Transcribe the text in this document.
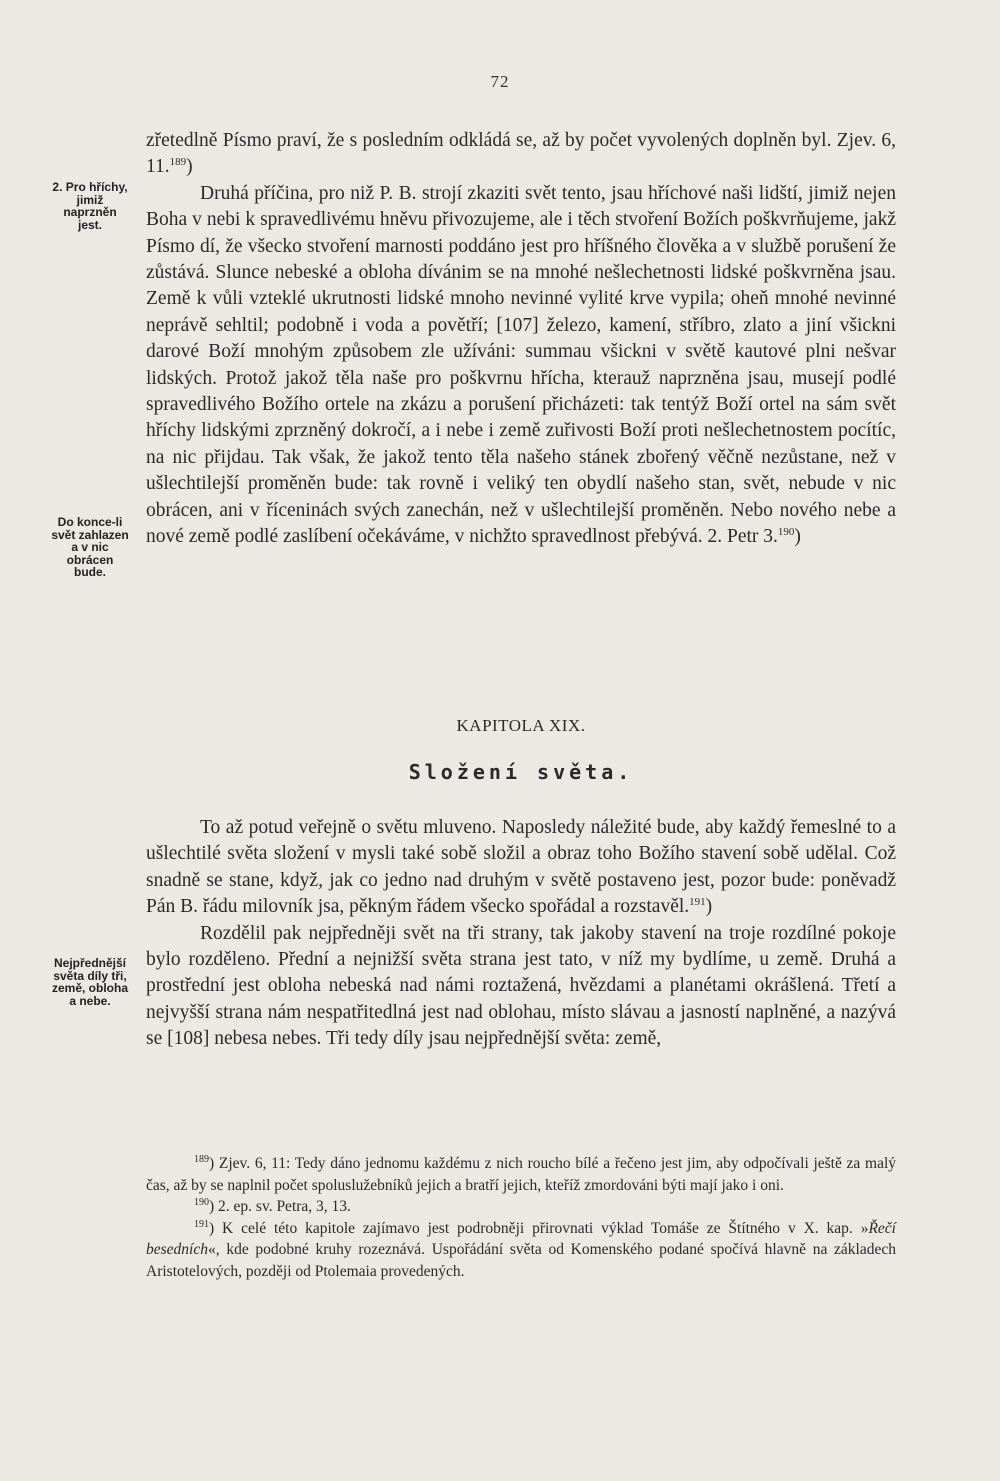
72
2. Pro hříchy, jimiž naprzněn jest.
Do konce-li svět zahlazen a v nic obrácen bude.
Nejpřednější světa díly tři, země, obloha a nebe.

zřetedlně Písmo praví, že s posledním odkládá se, až by počet vyvolených doplněn byl. Zjev. 6, 11.$^{189}$)

Druhá příčina, pro niž P. B. strojí zkaziti svět tento, jsau hříchové naši lidští, jimiž nejen Boha v nebi k spravedlivému hněvu přivozujeme, ale i těch stvoření Božích poškvrňujeme, jakž Písmo dí, že všecko stvoření marnosti poddáno jest pro hříšného člověka a v službě porušení že zůstává. Slunce nebeské a obloha dívánim se na mnohé nešlechetnosti lidské poškvrněna jsau. Země k vůli vzteklé ukrutnosti lidské mnoho nevinné vylité krve vypila; oheň mnohé nevinné neprávě sehltil; podobně i voda a povětří; [107] železo, kamení, stříbro, zlato a jiní všickni darové Boží mnohým způsobem zle užíváni: summau všickni v světě kautové plni nešvar lidských. Protož jakož těla naše pro poškvrnu hřícha, kterauž naprzněna jsau, musejí podlé spravedlivého Božího ortele na zkázu a porušení přicházeti: tak tentýž Boží ortel na sám svět hříchy lidskými zprzněný dokročí, a i nebe i země zuřivosti Boží proti nešlechetnostem pocítíc, na nic přijdau. Tak však, že jakož tento těla našeho stánek zbořený věčně nezůstane, než v ušlechtilejší proměněn bude: tak rovně i veliký ten obydlí našeho stan, svět, nebude v nic obrácen, ani v říceninách svých zanechán, než v ušlechtilejší proměněn. Nebo nového nebe a nové země podlé zaslíbení očekáváme, v nichžto spravedlnost přebývá. 2. Petr 3.$^{190}$)

KAPITOLA XIX.
Složení světa.

To až potud veřejně o světu mluveno. Naposledy náležité bude, aby každý řemeslné to a ušlechtilé světa složení v mysli také sobě složil a obraz toho Božího stavení sobě udělal. Což snadně se stane, když, jak co jedno nad druhým v světě postaveno jest, pozor bude: poněvadž Pán B. řádu milovník jsa, pěkným řádem všecko spořádal a rozstavěl.$^{191}$)

Rozdělil pak nejpředněji svět na tři strany, tak jakoby stavení na troje rozdílné pokoje bylo rozděleno. Přední a nejnižší světa strana jest tato, v níž my bydlíme, u země. Druhá a prostřední jest obloha nebeská nad námi roztažená, hvězdami a planétami okrášlená. Třetí a nejvyšší strana nám nespatřitedlná jest nad oblohau, místo slávau a jasností naplněné, a nazývá se [108] nebesa nebes. Tři tedy díly jsau nejpřednější světa: země,

$^{189}$) Zjev. 6, 11: Tedy dáno jednomu každému z nich roucho bílé a řečeno jest jim, aby odpočívali ještě za malý čas, až by se naplnil počet spoluslužebníků jejich a bratří jejich, kteříž zmordováni býti mají jako i oni.

$^{190}$) 2. ep. sv. Petra, 3, 13.

$^{191}$) K celé této kapitole zajímavo jest podrobněji přirovnati výklad Tomáše ze Štítného v X. kap. »Řečí besedních«, kde podobné kruhy rozeznává. Uspořádání světa od Komenského podané spočívá hlavně na základech Aristotelových, později od Ptolemaia provedených.
